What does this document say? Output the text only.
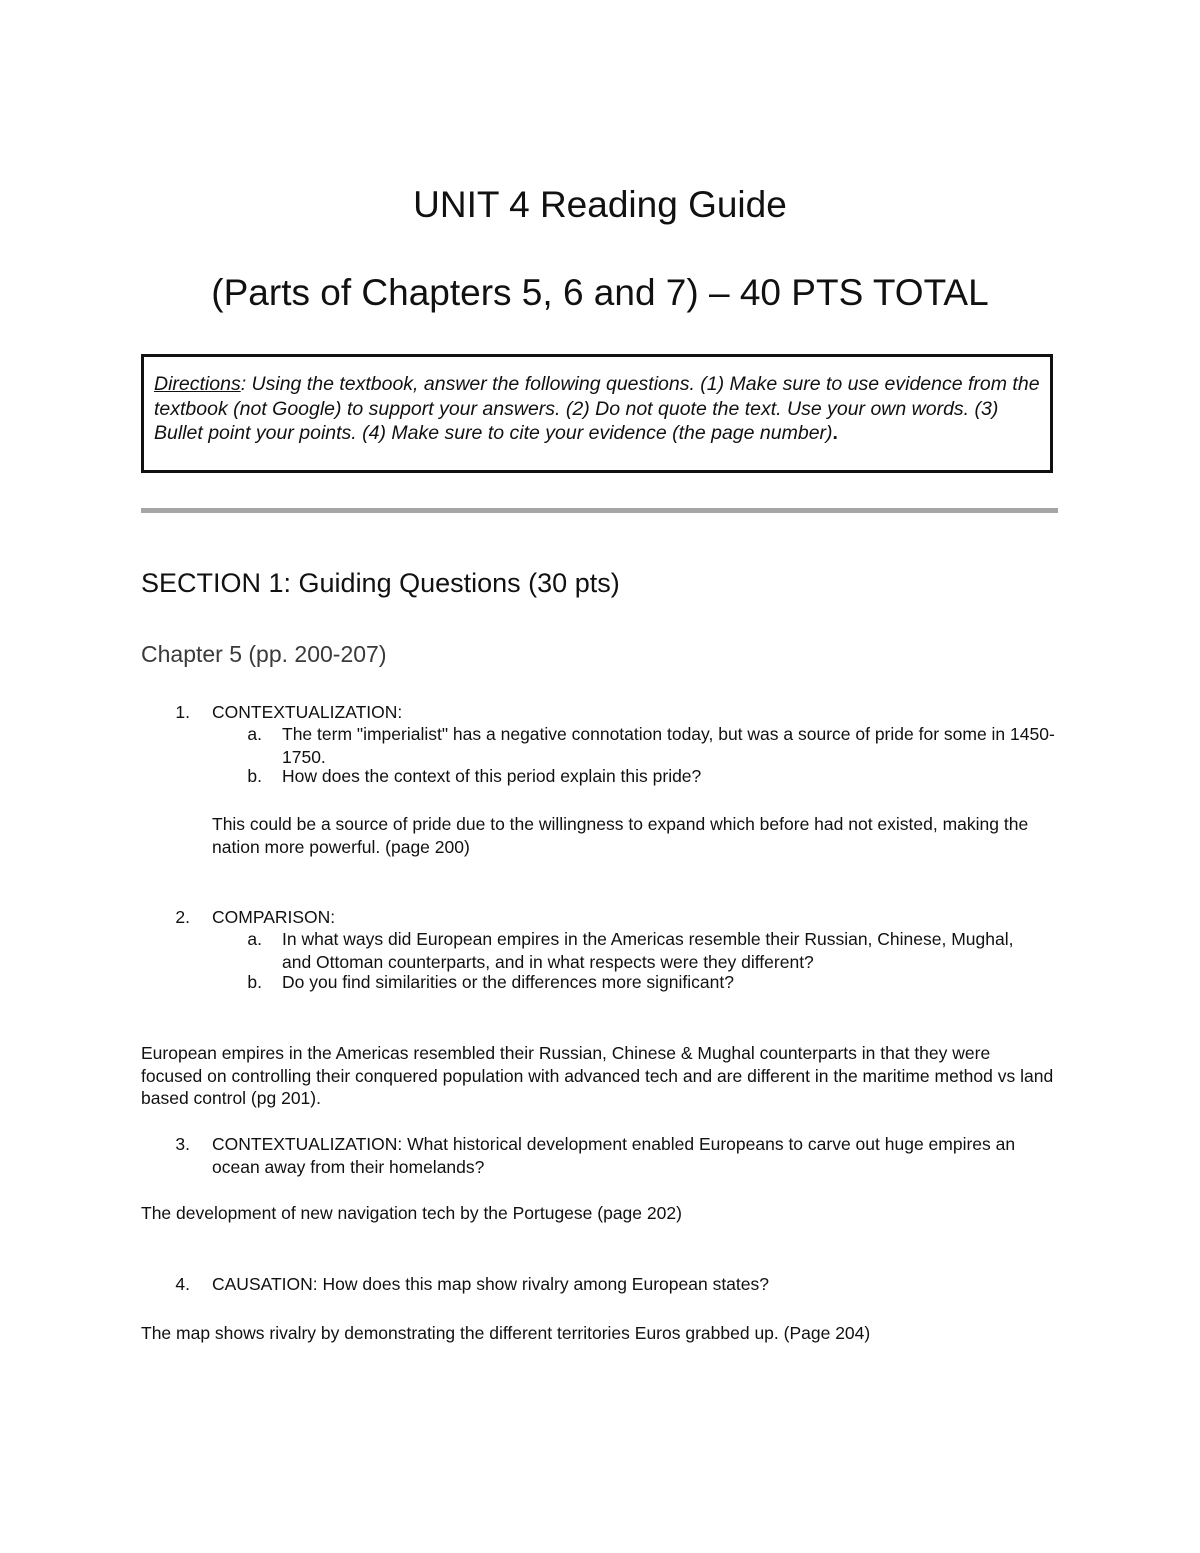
UNIT 4 Reading Guide
(Parts of Chapters 5, 6 and 7) – 40 PTS TOTAL
Directions: Using the textbook, answer the following questions. (1) Make sure to use evidence from the textbook (not Google) to support your answers. (2) Do not quote the text. Use your own words. (3) Bullet point your points. (4) Make sure to cite your evidence (the page number).
SECTION 1: Guiding Questions (30 pts)
Chapter 5 (pp. 200-207)
1. CONTEXTUALIZATION:
a. The term "imperialist" has a negative connotation today, but was a source of pride for some in 1450-1750.
b. How does the context of this period explain this pride?
This could be a source of pride due to the willingness to expand which before had not existed, making the nation more powerful. (page 200)
2. COMPARISON:
a. In what ways did European empires in the Americas resemble their Russian, Chinese, Mughal, and Ottoman counterparts, and in what respects were they different?
b. Do you find similarities or the differences more significant?
European empires in the Americas resembled their Russian, Chinese & Mughal counterparts in that they were focused on controlling their conquered population with advanced tech and are different in the maritime method vs land based control (pg 201).
3. CONTEXTUALIZATION: What historical development enabled Europeans to carve out huge empires an ocean away from their homelands?
The development of new navigation tech by the Portugese (page 202)
4. CAUSATION: How does this map show rivalry among European states?
The map shows rivalry by demonstrating the different territories Euros grabbed up. (Page 204)
